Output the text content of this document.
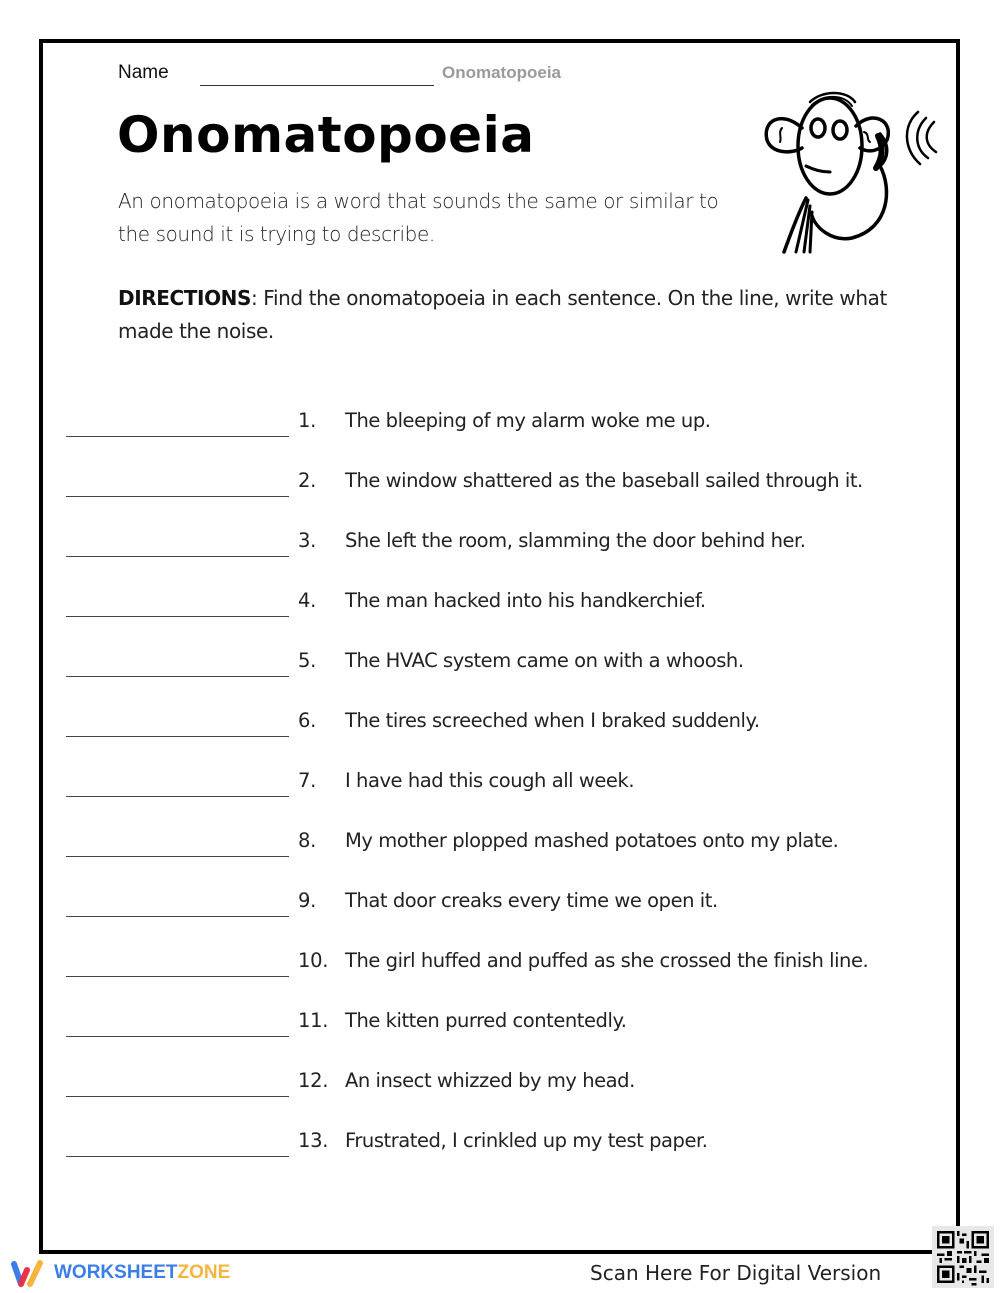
Name	Onomatopoeia
Onomatopoeia
An onomatopoeia is a word that sounds the same or similar to the sound it is trying to describe.
DIRECTIONS: Find the onomatopoeia in each sentence. On the line, write what made the noise.
1. The bleeping of my alarm woke me up.
2. The window shattered as the baseball sailed through it.
3. She left the room, slamming the door behind her.
4. The man hacked into his handkerchief.
5. The HVAC system came on with a whoosh.
6. The tires screeched when I braked suddenly.
7. I have had this cough all week.
8. My mother plopped mashed potatoes onto my plate.
9. That door creaks every time we open it.
10. The girl huffed and puffed as she crossed the finish line.
11. The kitten purred contentedly.
12. An insect whizzed by my head.
13. Frustrated, I crinkled up my test paper.
WORKSHEETZONE	Scan Here For Digital Version
